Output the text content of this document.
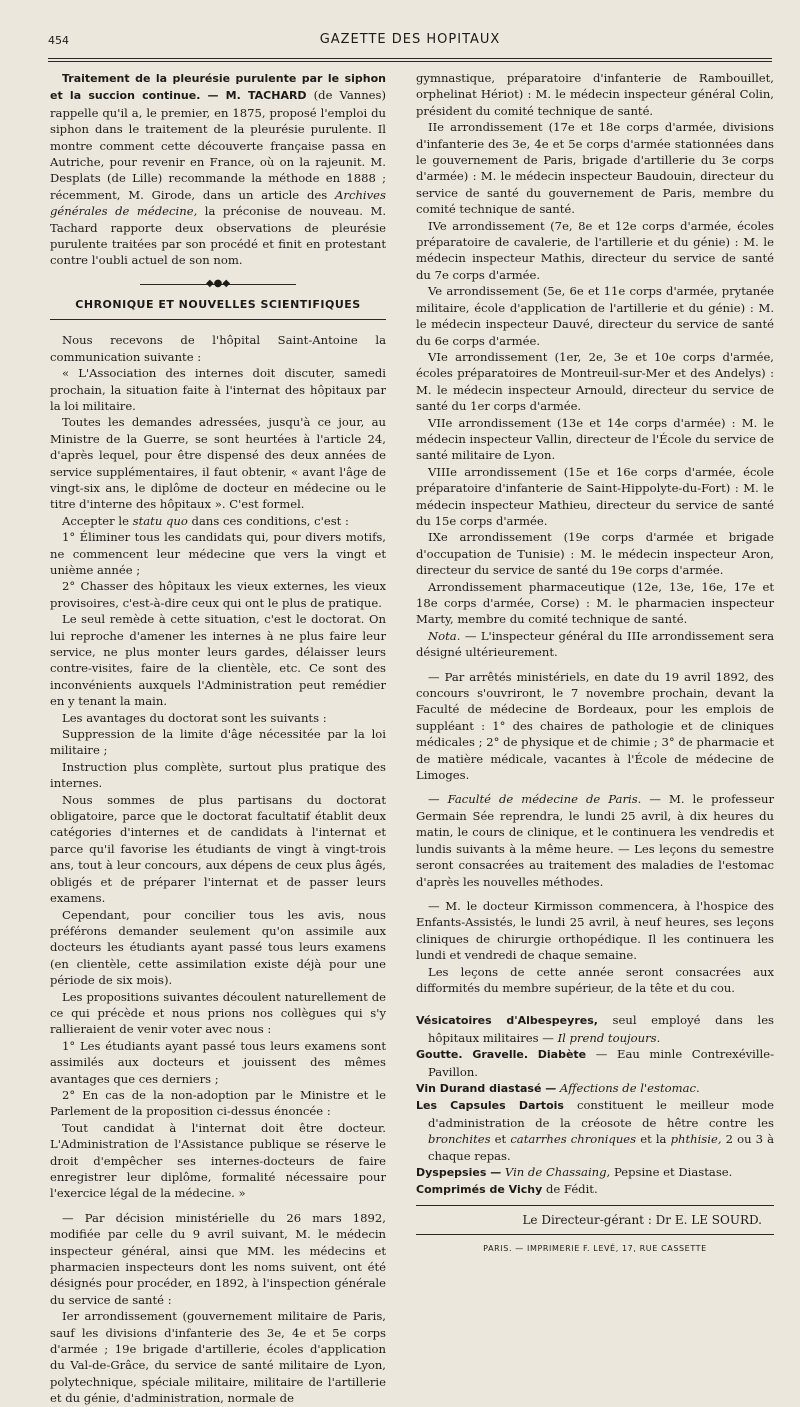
454	GAZETTE DES HOPITAUX

Traitement de la pleurésie purulente par le siphon et la succion continue. — M. TACHARD (de Vannes) rappelle qu'il a, le premier, en 1875, proposé l'emploi du siphon dans le traitement de la pleurésie purulente. Il montre comment cette découverte française passa en Autriche, pour revenir en France, où on la rajeunit. M. Desplats (de Lille) recommande la méthode en 1888 ; récemment, M. Girode, dans un article des Archives générales de médecine, la préconise de nouveau. M. Tachard rapporte deux observations de pleurésie purulente traitées par son procédé et finit en protestant contre l'oubli actuel de son nom.

◆●◆
CHRONIQUE ET NOUVELLES SCIENTIFIQUES

Nous recevons de l'hôpital Saint-Antoine la communication suivante :

« L'Association des internes doit discuter, samedi prochain, la situation faite à l'internat des hôpitaux par la loi militaire.

Toutes les demandes adressées, jusqu'à ce jour, au Ministre de la Guerre, se sont heurtées à l'article 24, d'après lequel, pour être dispensé des deux années de service supplémentaires, il faut obtenir, « avant l'âge de vingt-six ans, le diplôme de docteur en médecine ou le titre d'interne des hôpitaux ». C'est formel.

Accepter le statu quo dans ces conditions, c'est :

1° Éliminer tous les candidats qui, pour divers motifs, ne commencent leur médecine que vers la vingt et unième année ;

2° Chasser des hôpitaux les vieux externes, les vieux provisoires, c'est-à-dire ceux qui ont le plus de pratique.

Le seul remède à cette situation, c'est le doctorat. On lui reproche d'amener les internes à ne plus faire leur service, ne plus monter leurs gardes, délaisser leurs contre-visites, faire de la clientèle, etc. Ce sont des inconvénients auxquels l'Administration peut remédier en y tenant la main.

Les avantages du doctorat sont les suivants :

Suppression de la limite d'âge nécessitée par la loi militaire ;

Instruction plus complète, surtout plus pratique des internes.

Nous sommes de plus partisans du doctorat obligatoire, parce que le doctorat facultatif établit deux catégories d'internes et de candidats à l'internat et parce qu'il favorise les étudiants de vingt à vingt-trois ans, tout à leur concours, aux dépens de ceux plus âgés, obligés et de préparer l'internat et de passer leurs examens.

Cependant, pour concilier tous les avis, nous préférons demander seulement qu'on assimile aux docteurs les étudiants ayant passé tous leurs examens (en clientèle, cette assimilation existe déjà pour une période de six mois).

Les propositions suivantes découlent naturellement de ce qui précède et nous prions nos collègues qui s'y rallieraient de venir voter avec nous :

1° Les étudiants ayant passé tous leurs examens sont assimilés aux docteurs et jouissent des mêmes avantages que ces derniers ;

2° En cas de la non-adoption par le Ministre et le Parlement de la proposition ci-dessus énoncée :

Tout candidat à l'internat doit être docteur. L'Administration de l'Assistance publique se réserve le droit d'empêcher ses internes-docteurs de faire enregistrer leur diplôme, formalité nécessaire pour l'exercice légal de la médecine. »

— Par décision ministérielle du 26 mars 1892, modifiée par celle du 9 avril suivant, M. le médecin inspecteur général, ainsi que MM. les médecins et pharmacien inspecteurs dont les noms suivent, ont été désignés pour procéder, en 1892, à l'inspection générale du service de santé :

Ier arrondissement (gouvernement militaire de Paris, sauf les divisions d'infanterie des 3e, 4e et 5e corps d'armée ; 19e brigade d'artillerie, écoles d'application du Val-de-Grâce, du service de santé militaire de Lyon, polytechnique, spéciale militaire, militaire de l'artillerie et du génie, d'administration, normale de

gymnastique, préparatoire d'infanterie de Rambouillet, orphelinat Hériot) : M. le médecin inspecteur général Colin, président du comité technique de santé.

IIe arrondissement (17e et 18e corps d'armée, divisions d'infanterie des 3e, 4e et 5e corps d'armée stationnées dans le gouvernement de Paris, brigade d'artillerie du 3e corps d'armée) : M. le médecin inspecteur Baudouin, directeur du service de santé du gouvernement de Paris, membre du comité technique de santé.

IVe arrondissement (7e, 8e et 12e corps d'armée, écoles préparatoire de cavalerie, de l'artillerie et du génie) : M. le médecin inspecteur Mathis, directeur du service de santé du 7e corps d'armée.

Ve arrondissement (5e, 6e et 11e corps d'armée, prytanée militaire, école d'application de l'artillerie et du génie) : M. le médecin inspecteur Dauvé, directeur du service de santé du 6e corps d'armée.

VIe arrondissement (1er, 2e, 3e et 10e corps d'armée, écoles préparatoires de Montreuil-sur-Mer et des Andelys) : M. le médecin inspecteur Arnould, directeur du service de santé du 1er corps d'armée.

VIIe arrondissement (13e et 14e corps d'armée) : M. le médecin inspecteur Vallin, directeur de l'École du service de santé militaire de Lyon.

VIIIe arrondissement (15e et 16e corps d'armée, école préparatoire d'infanterie de Saint-Hippolyte-du-Fort) : M. le médecin inspecteur Mathieu, directeur du service de santé du 15e corps d'armée.

IXe arrondissement (19e corps d'armée et brigade d'occupation de Tunisie) : M. le médecin inspecteur Aron, directeur du service de santé du 19e corps d'armée.

Arrondissement pharmaceutique (12e, 13e, 16e, 17e et 18e corps d'armée, Corse) : M. le pharmacien inspecteur Marty, membre du comité technique de santé.

Nota. — L'inspecteur général du IIIe arrondissement sera désigné ultérieurement.

— Par arrêtés ministériels, en date du 19 avril 1892, des concours s'ouvriront, le 7 novembre prochain, devant la Faculté de médecine de Bordeaux, pour les emplois de suppléant : 1° des chaires de pathologie et de cliniques médicales ; 2° de physique et de chimie ; 3° de pharmacie et de matière médicale, vacantes à l'École de médecine de Limoges.

— Faculté de médecine de Paris. — M. le professeur Germain Sée reprendra, le lundi 25 avril, à dix heures du matin, le cours de clinique, et le continuera les vendredis et lundis suivants à la même heure. — Les leçons du semestre seront consacrées au traitement des maladies de l'estomac d'après les nouvelles méthodes.

— M. le docteur Kirmisson commencera, à l'hospice des Enfants-Assistés, le lundi 25 avril, à neuf heures, ses leçons cliniques de chirurgie orthopédique. Il les continuera les lundi et vendredi de chaque semaine.

Les leçons de cette année seront consacrées aux difformités du membre supérieur, de la tête et du cou.

Vésicatoires d'Albespeyres, seul employé dans les hôpitaux militaires — Il prend toujours.

Goutte. Gravelle. Diabète — Eau minle Contrexéville-Pavillon.

Vin Durand diastasé — Affections de l'estomac.

Les Capsules Dartois constituent le meilleur mode d'administration de la créosote de hêtre contre les bronchites et catarrhes chroniques et la phthisie, 2 ou 3 à chaque repas.

Dyspepsies — Vin de Chassaing, Pepsine et Diastase.

Comprimés de Vichy de Fédit.

Le Directeur-gérant : Dr E. LE SOURD.
PARIS. — IMPRIMERIE F. LEVÉ, 17, RUE CASSETTE
